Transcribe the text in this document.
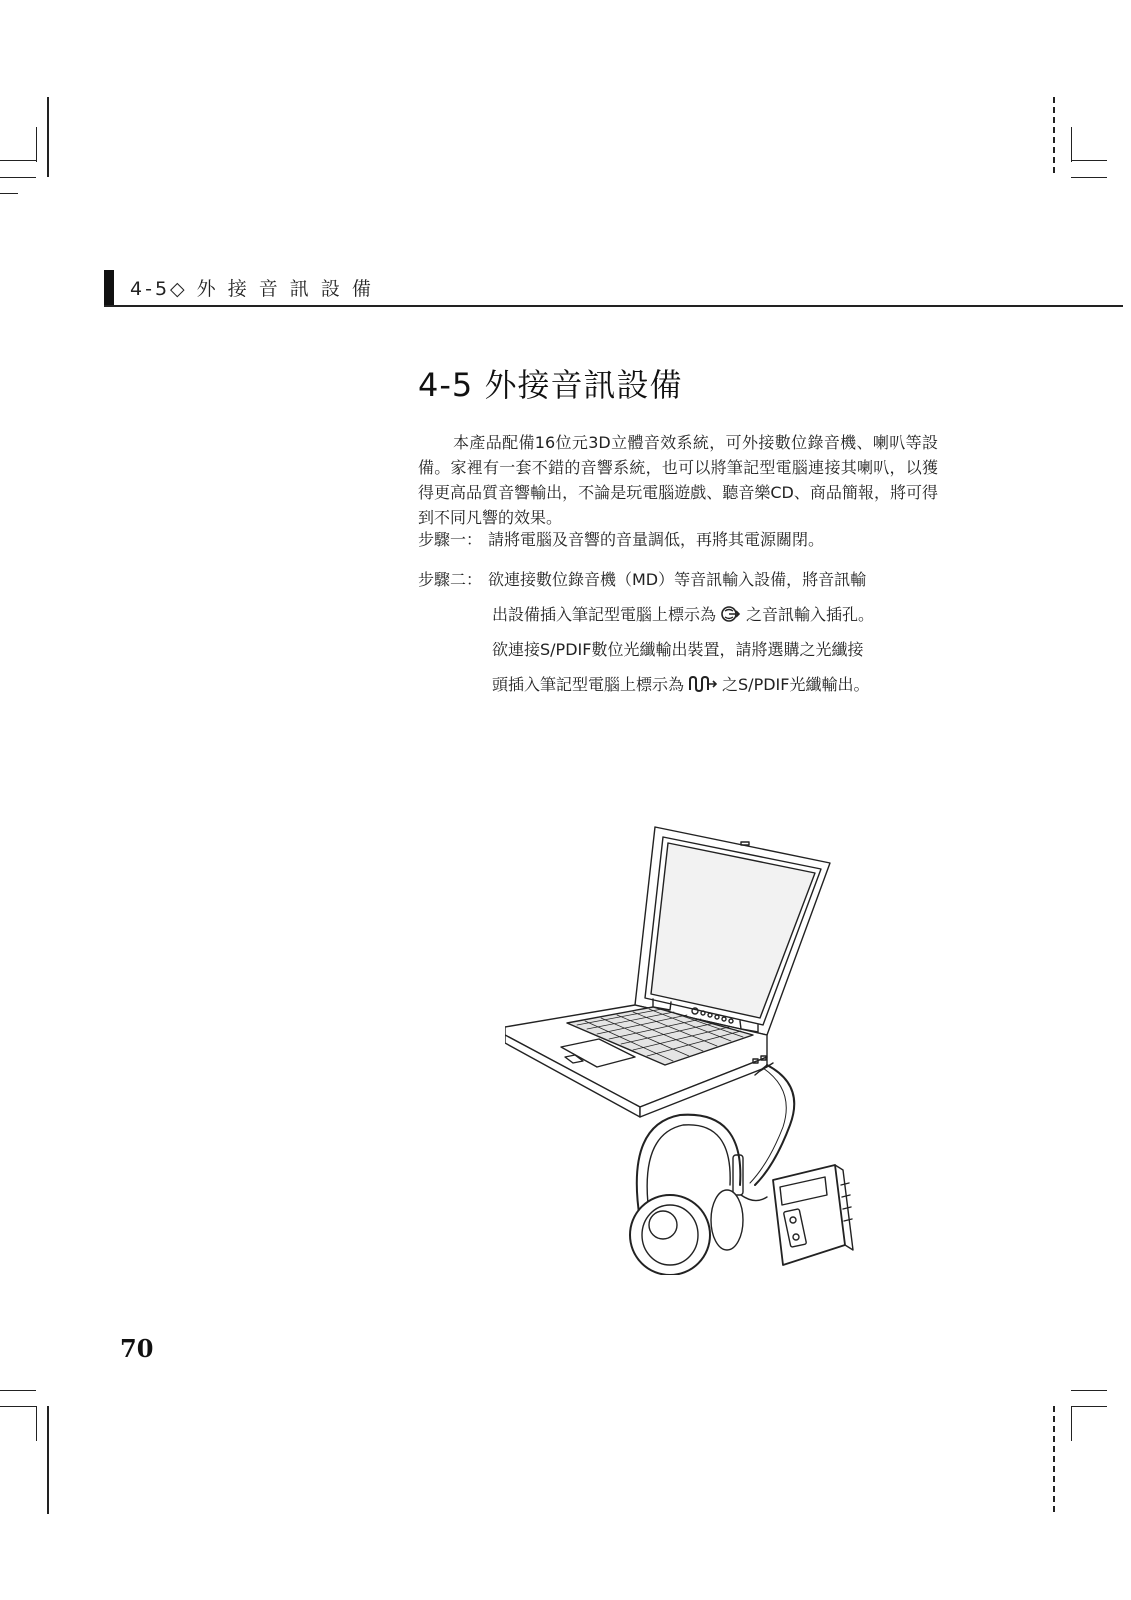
4-5◇ 外 接 音 訊 設 備
4-5 外接音訊設備
本產品配備16位元3D立體音效系統，可外接數位錄音機、喇叭等設備。家裡有一套不錯的音響系統，也可以將筆記型電腦連接其喇叭，以獲得更高品質音響輸出，不論是玩電腦遊戲、聽音樂CD、商品簡報，將可得到不同凡響的效果。
步驟一： 請將電腦及音響的音量調低，再將其電源關閉。
步驟二： 欲連接數位錄音機（MD）等音訊輸入設備，將音訊輸
出設備插入筆記型電腦上標示為 之音訊輸入插孔。
欲連接S/PDIF數位光纖輸出裝置，請將選購之光纖接
頭插入筆記型電腦上標示為 之S/PDIF光纖輸出。
70
